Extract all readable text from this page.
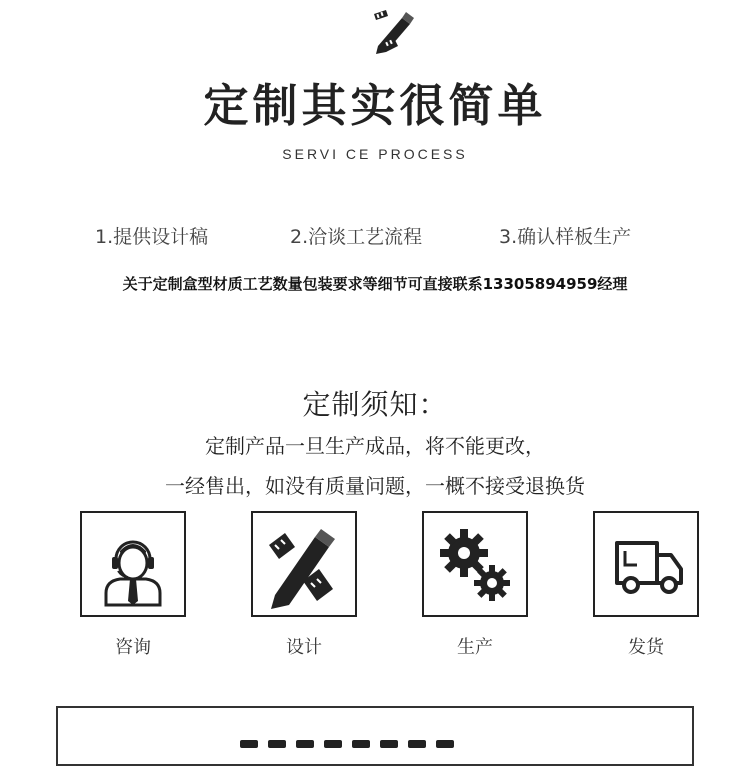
定制其实很简单
SERVI CE PROCESS
1.提供设计稿	2.洽谈工艺流程	3.确认样板生产
关于定制盒型材质工艺数量包装要求等细节可直接联系13305894959经理
定制须知：
定制产品一旦生产成品，将不能更改，
一经售出，如没有质量问题，一概不接受退换货
咨询	设计	生产	发货
